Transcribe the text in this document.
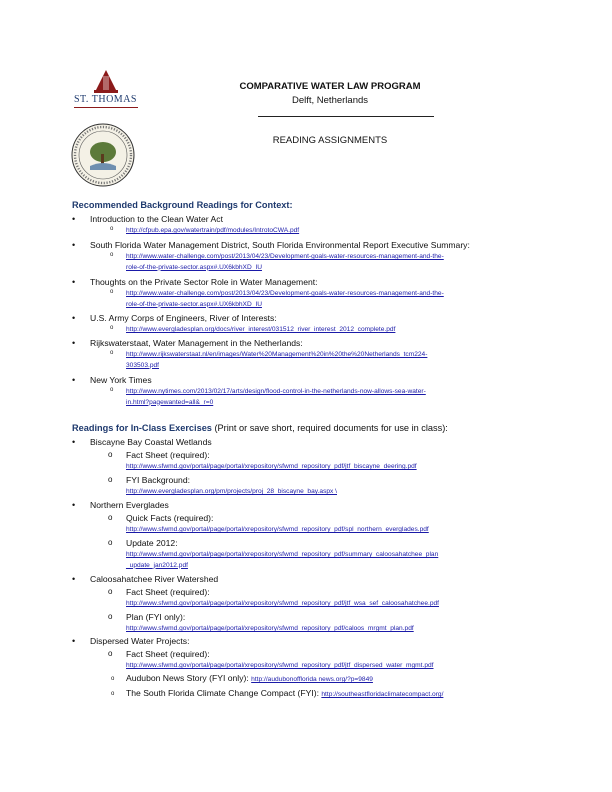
ST. THOMAS
COMPARATIVE WATER LAW PROGRAM
Delft, Netherlands
READING ASSIGNMENTS
Recommended Background Readings for Context:
• Introduction to the Clean Water Act
o http://cfpub.epa.gov/watertrain/pdf/modules/IntrotoCWA.pdf
• South Florida Water Management District, South Florida Environmental Report Executive Summary:
o http://www.water-challenge.com/post/2013/04/23/Development-goals-water-resources-management-and-the-
role-of-the-private-sector.aspx#.UX6kbhXD_IU
• Thoughts on the Private Sector Role in Water Management:
o http://www.water-challenge.com/post/2013/04/23/Development-goals-water-resources-management-and-the-
role-of-the-private-sector.aspx#.UX6kbhXD_IU
• U.S. Army Corps of Engineers, River of Interests:
o http://www.evergladesplan.org/docs/river_interest/031512_river_interest_2012_complete.pdf
• Rijkswaterstaat, Water Management in the Netherlands:
o http://www.rijkswaterstaat.nl/en/images/Water%20Management%20in%20the%20Netherlands_tcm224-
303503.pdf
• New York Times
o http://www.nytimes.com/2013/02/17/arts/design/flood-control-in-the-netherlands-now-allows-sea-water-
in.html?pagewanted=all&_r=0
Readings for In-Class Exercises (Print or save short, required documents for use in class):
• Biscayne Bay Coastal Wetlands
o Fact Sheet (required):
http://www.sfwmd.gov/portal/page/portal/xrepository/sfwmd_repository_pdf/jtf_biscayne_deering.pdf
o FYI Background:
http://www.evergladesplan.org/pm/projects/proj_28_biscayne_bay.aspx \
• Northern Everglades
o Quick Facts (required):
http://www.sfwmd.gov/portal/page/portal/xrepository/sfwmd_repository_pdf/spl_northern_everglades.pdf
o Update 2012:
http://www.sfwmd.gov/portal/page/portal/xrepository/sfwmd_repository_pdf/summary_caloosahatchee_plan
_update_jan2012.pdf
• Caloosahatchee River Watershed
o Fact Sheet (required):
http://www.sfwmd.gov/portal/page/portal/xrepository/sfwmd_repository_pdf/jtf_wsa_sef_caloosahatchee.pdf
o Plan (FYI only):
http://www.sfwmd.gov/portal/page/portal/xrepository/sfwmd_repository_pdf/caloos_mrgmt_plan.pdf
• Dispersed Water Projects:
o Fact Sheet (required):
http://www.sfwmd.gov/portal/page/portal/xrepository/sfwmd_repository_pdf/jtf_dispersed_water_mgmt.pdf
o Audubon News Story (FYI only): http://audubonofflorida news.org/?p=9849
o The South Florida Climate Change Compact (FYI): http://southeastfloridaclimatecompact.org/
